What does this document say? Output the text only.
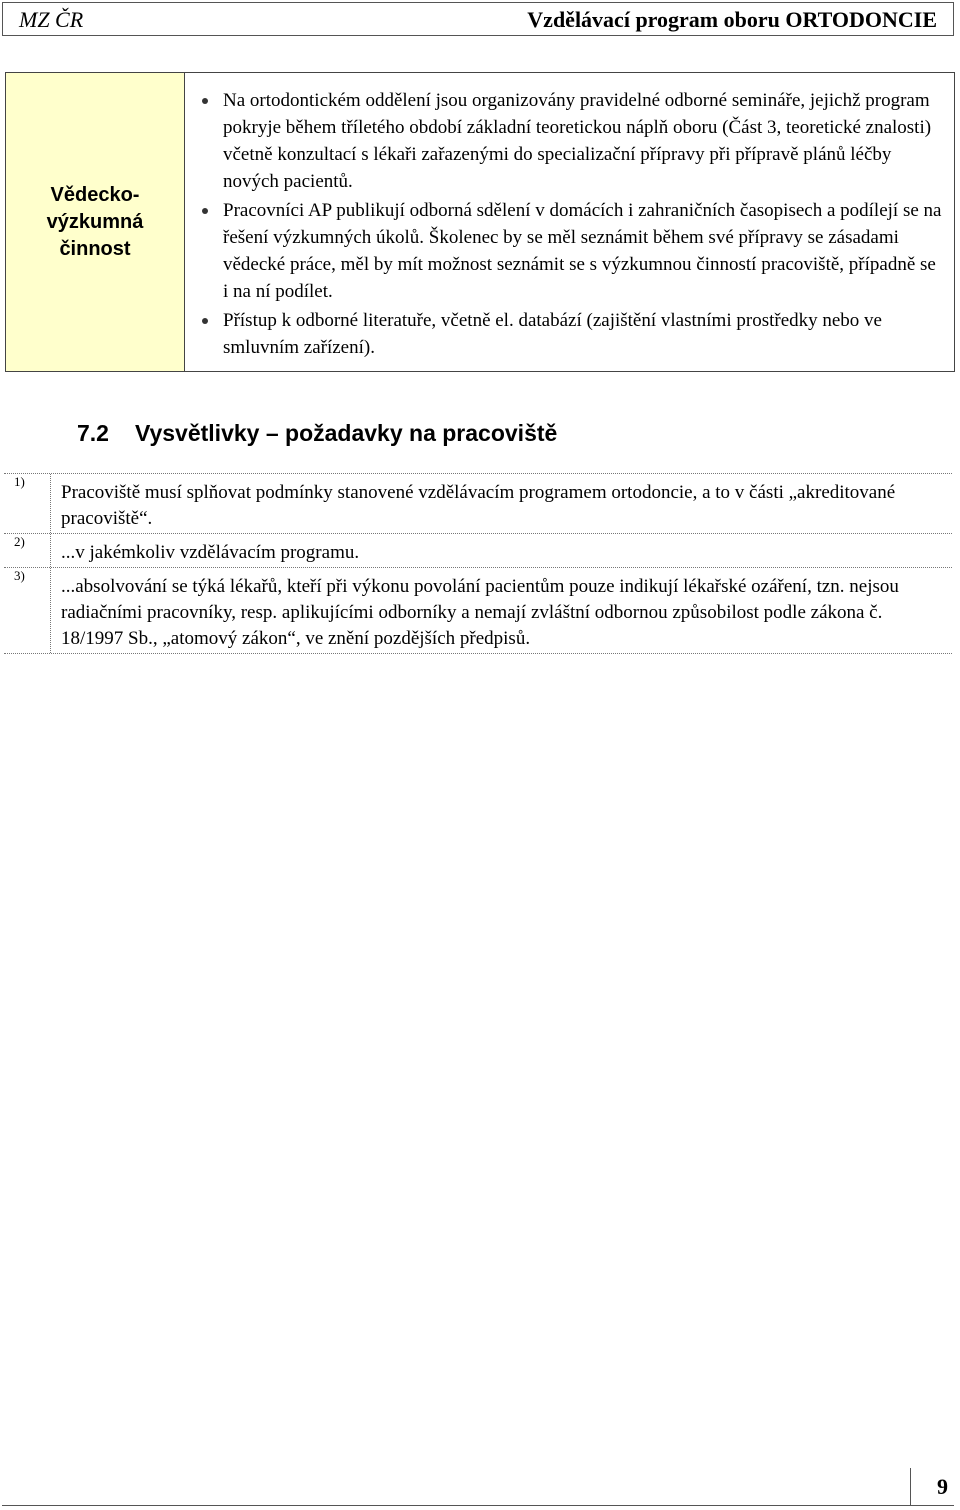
MZ ČR	Vzdělávací program oboru ORTODONCIE
Vědecko-
výzkumná
činnost
Na ortodontickém oddělení jsou organizovány pravidelné odborné semináře, jejichž program pokryje během tříletého období základní teoretickou náplň oboru (Část 3, teoretické znalosti) včetně konzultací s lékaři zařazenými do specializační přípravy při přípravě plánů léčby nových pacientů.
Pracovníci AP publikují odborná sdělení v domácích i zahraničních časopisech a podílejí se na řešení výzkumných úkolů. Školenec by se měl seznámit během své přípravy se zásadami vědecké práce, měl by mít možnost seznámit se s výzkumnou činností pracoviště, případně se i na ní podílet.
Přístup k odborné literatuře, včetně el. databází (zajištění vlastními prostředky nebo ve smluvním zařízení).
7.2 Vysvětlivky – požadavky na pracoviště
1)
Pracoviště musí splňovat podmínky stanovené vzdělávacím programem ortodoncie, a to v části „akreditované pracoviště“.
2)
...v jakémkoliv vzdělávacím programu.
3)
...absolvování se týká lékařů, kteří při výkonu povolání pacientům pouze indikují lékařské ozáření, tzn. nejsou radiačními pracovníky, resp. aplikujícími odborníky a nemají zvláštní odbornou způsobilost podle zákona č. 18/1997 Sb., „atomový zákon“, ve znění pozdějších předpisů.
9
